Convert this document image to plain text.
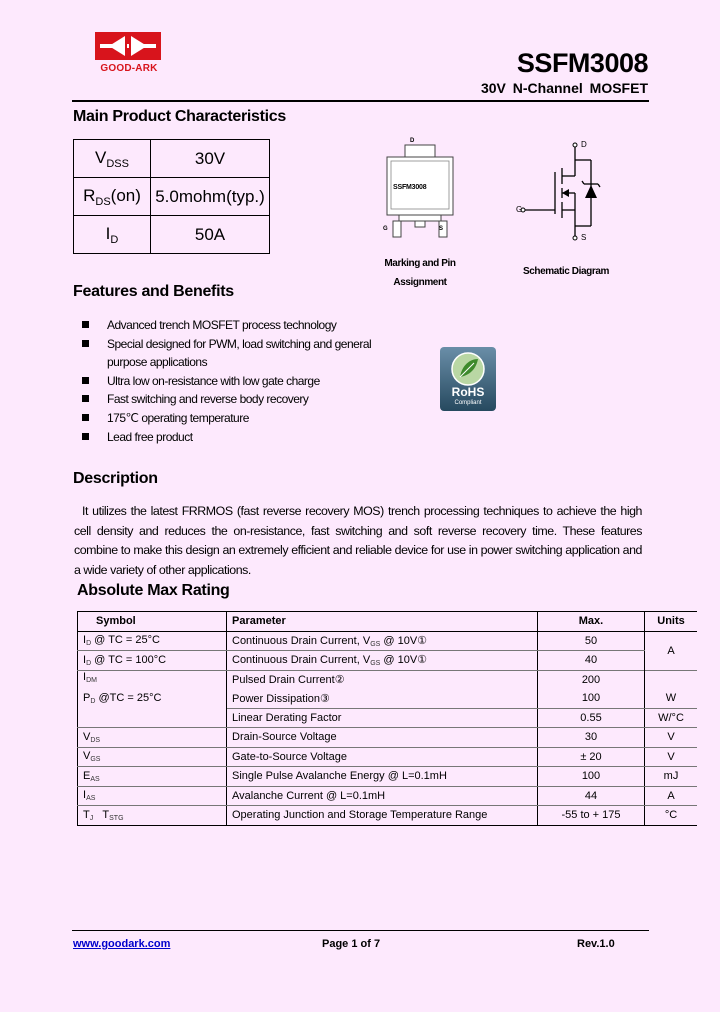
GOOD-ARK	SSFM3008
30V N-Channel MOSFET
Main Product Characteristics
$V_{DSS}$	30V
$R_{DS}(on)$	5.0mohm(typ.)
$I_D$	50A
D
SSFM3008
G	S
Marking and Pin
Assignment
D
G
S
Schematic Diagram
Features and Benefits
Advanced trench MOSFET process technology
Special designed for PWM, load switching and general purpose applications
Ultra low on-resistance with low gate charge
Fast switching and reverse body recovery
175℃ operating temperature
Lead free product
RoHS
Compliant
Description
It utilizes the latest FRRMOS (fast reverse recovery MOS) trench processing techniques to achieve the high cell density and reduces the on-resistance, fast switching and soft reverse recovery time. These features combine to make this design an extremely efficient and reliable device for use in power switching application and a wide variety of other applications.
Absolute Max Rating
Symbol	Parameter	Max.	Units
$I_D$ @ TC = 25°C	Continuous Drain Current, $V_{GS}$ @ 10V①	50	A
$I_D$ @ TC = 100°C	Continuous Drain Current, $V_{GS}$ @ 10V①	40	
$I_{DM}$	Pulsed Drain Current②	200	
$P_D$ @TC = 25°C	Power Dissipation③	100	W
	Linear Derating Factor	0.55	W/°C
$V_{DS}$	Drain-Source Voltage	30	V
$V_{GS}$	Gate-to-Source Voltage	± 20	V
$E_{AS}$	Single Pulse Avalanche Energy @ L=0.1mH	100	mJ
$I_{AS}$	Avalanche Current @ L=0.1mH	44	A
$T_J$ $T_{STG}$	Operating Junction and Storage Temperature Range	-55 to + 175	°C
www.goodark.com	Page 1 of 7	Rev.1.0
